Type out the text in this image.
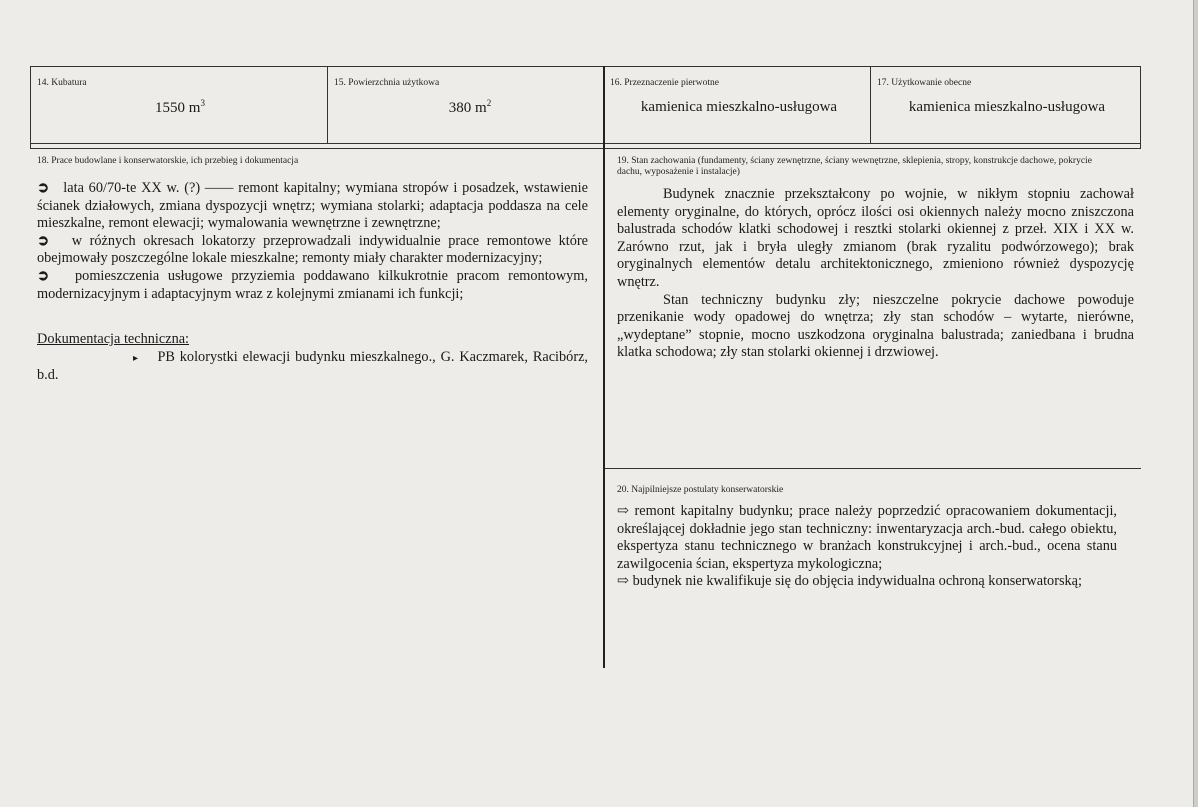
14. Kubatura
1550 $m^3$
15. Powierzchnia użytkowa
380 $m^2$
16. Przeznaczenie pierwotne
kamienica mieszkalno-usługowa
17. Użytkowanie obecne
kamienica mieszkalno-usługowa
18. Prace budowlane i konserwatorskie, ich przebieg i dokumentacja

➲ lata 60/70-te XX w. (?) —— remont kapitalny; wymiana stropów i posadzek, wstawienie ścianek działowych, zmiana dyspozycji wnętrz; wymiana stolarki; adaptacja poddasza na cele mieszkalne, remont elewacji; wymalowania wewnętrzne i zewnętrzne;

➲ w różnych okresach lokatorzy przeprowadzali indywidualnie prace remontowe które obejmowały poszczególne lokale mieszkalne; remonty miały charakter modernizacyjny;

➲ pomieszczenia usługowe przyziemia poddawano kilkukrotnie pracom remontowym, modernizacyjnym i adaptacyjnym wraz z kolejnymi zmianami ich funkcji;

Dokumentacja techniczna:

▸ PB kolorystki elewacji budynku mieszkalnego., G. Kaczmarek, Racibórz, b.d.

19. Stan zachowania (fundamenty, ściany zewnętrzne, ściany wewnętrzne, sklepienia, stropy, konstrukcje dachowe, pokrycie dachu, wyposażenie i instalacje)

Budynek znacznie przekształcony po wojnie, w nikłym stopniu zachował elementy oryginalne, do których, oprócz ilości osi okiennych należy mocno zniszczona balustrada schodów klatki schodowej i resztki stolarki okiennej z przeł. XIX i XX w. Zarówno rzut, jak i bryła uległy zmianom (brak ryzalitu podwórzowego); brak oryginalnych elementów detalu architektonicznego, zmieniono również dyspozycję wnętrz.

Stan techniczny budynku zły; nieszczelne pokrycie dachowe powoduje przenikanie wody opadowej do wnętrza; zły stan schodów – wytarte, nierówne, „wydeptane” stopnie, mocno uszkodzona oryginalna balustrada; zaniedbana i brudna klatka schodowa; zły stan stolarki okiennej i drzwiowej.

20. Najpilniejsze postulaty konserwatorskie

⇨ remont kapitalny budynku; prace należy poprzedzić opracowaniem dokumentacji, określającej dokładnie jego stan techniczny: inwentaryzacja arch.-bud. całego obiektu, ekspertyza stanu technicznego w branżach konstrukcyjnej i arch.-bud., ocena stanu zawilgocenia ścian, ekspertyza mykologiczna;

⇨ budynek nie kwalifikuje się do objęcia indywidualna ochroną konserwatorską;
